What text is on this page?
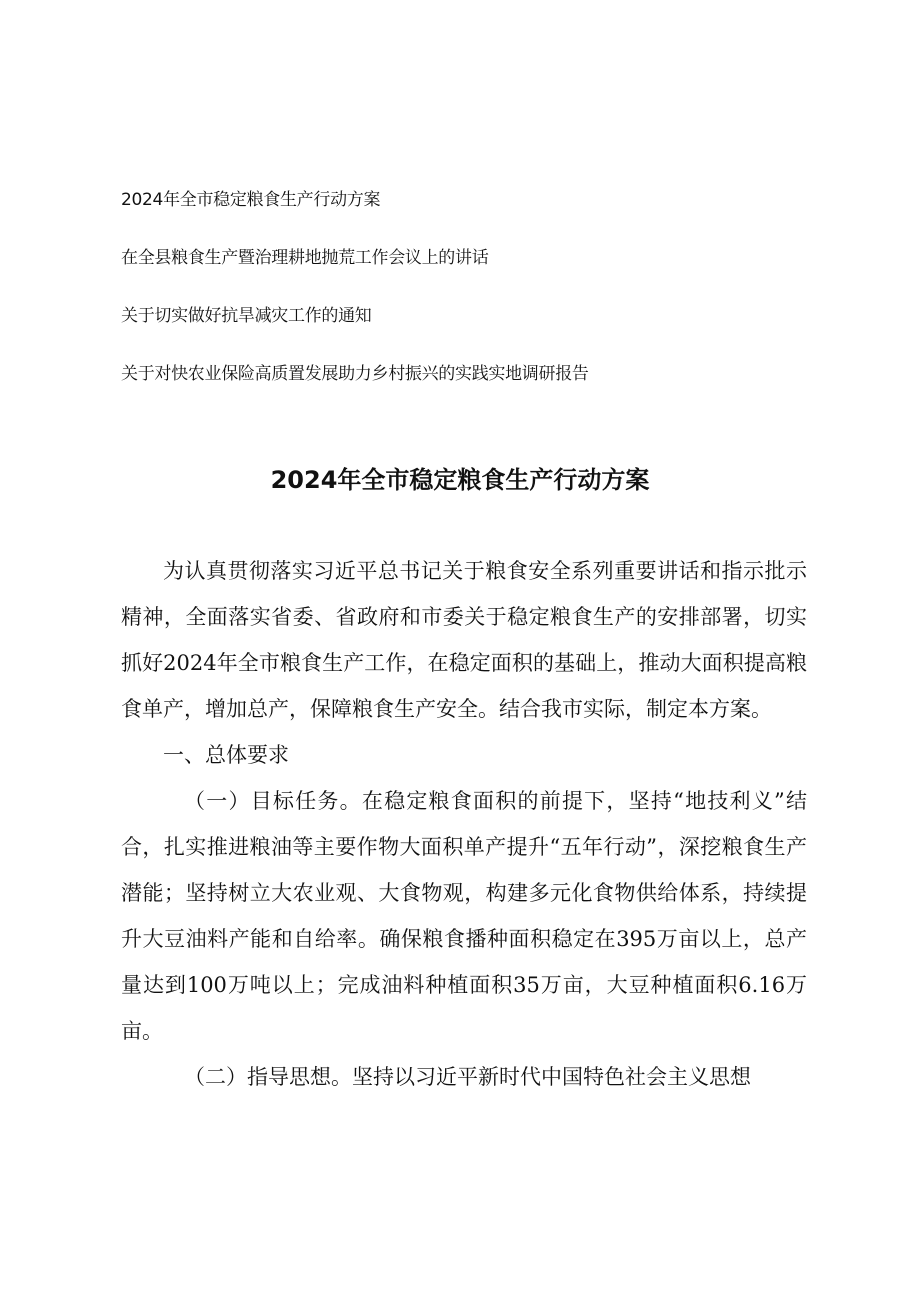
2024年全市稳定粮食生产行动方案
在全县粮食生产暨治理耕地抛荒工作会议上的讲话
关于切实做好抗旱减灾工作的通知
关于对快农业保险高质置发展助力乡村振兴的实践实地调研报告
2024年全市稳定粮食生产行动方案

为认真贯彻落实习近平总书记关于粮食安全系列重要讲话和指示批示精神，全面落实省委、省政府和市委关于稳定粮食生产的安排部署，切实抓好2024年全市粮食生产工作，在稳定面积的基础上，推动大面积提高粮食单产，增加总产，保障粮食生产安全。结合我市实际，制定本方案。

一、总体要求

（一）目标任务。在稳定粮食面积的前提下，坚持“地技利义”结合，扎实推进粮油等主要作物大面积单产提升“五年行动”，深挖粮食生产潜能；坚持树立大农业观、大食物观，构建多元化食物供给体系，持续提升大豆油料产能和自给率。确保粮食播种面积稳定在395万亩以上，总产量达到100万吨以上；完成油料种植面积35万亩，大豆种植面积6.16万亩。

（二）指导思想。坚持以习近平新时代中国特色社会主义思想
